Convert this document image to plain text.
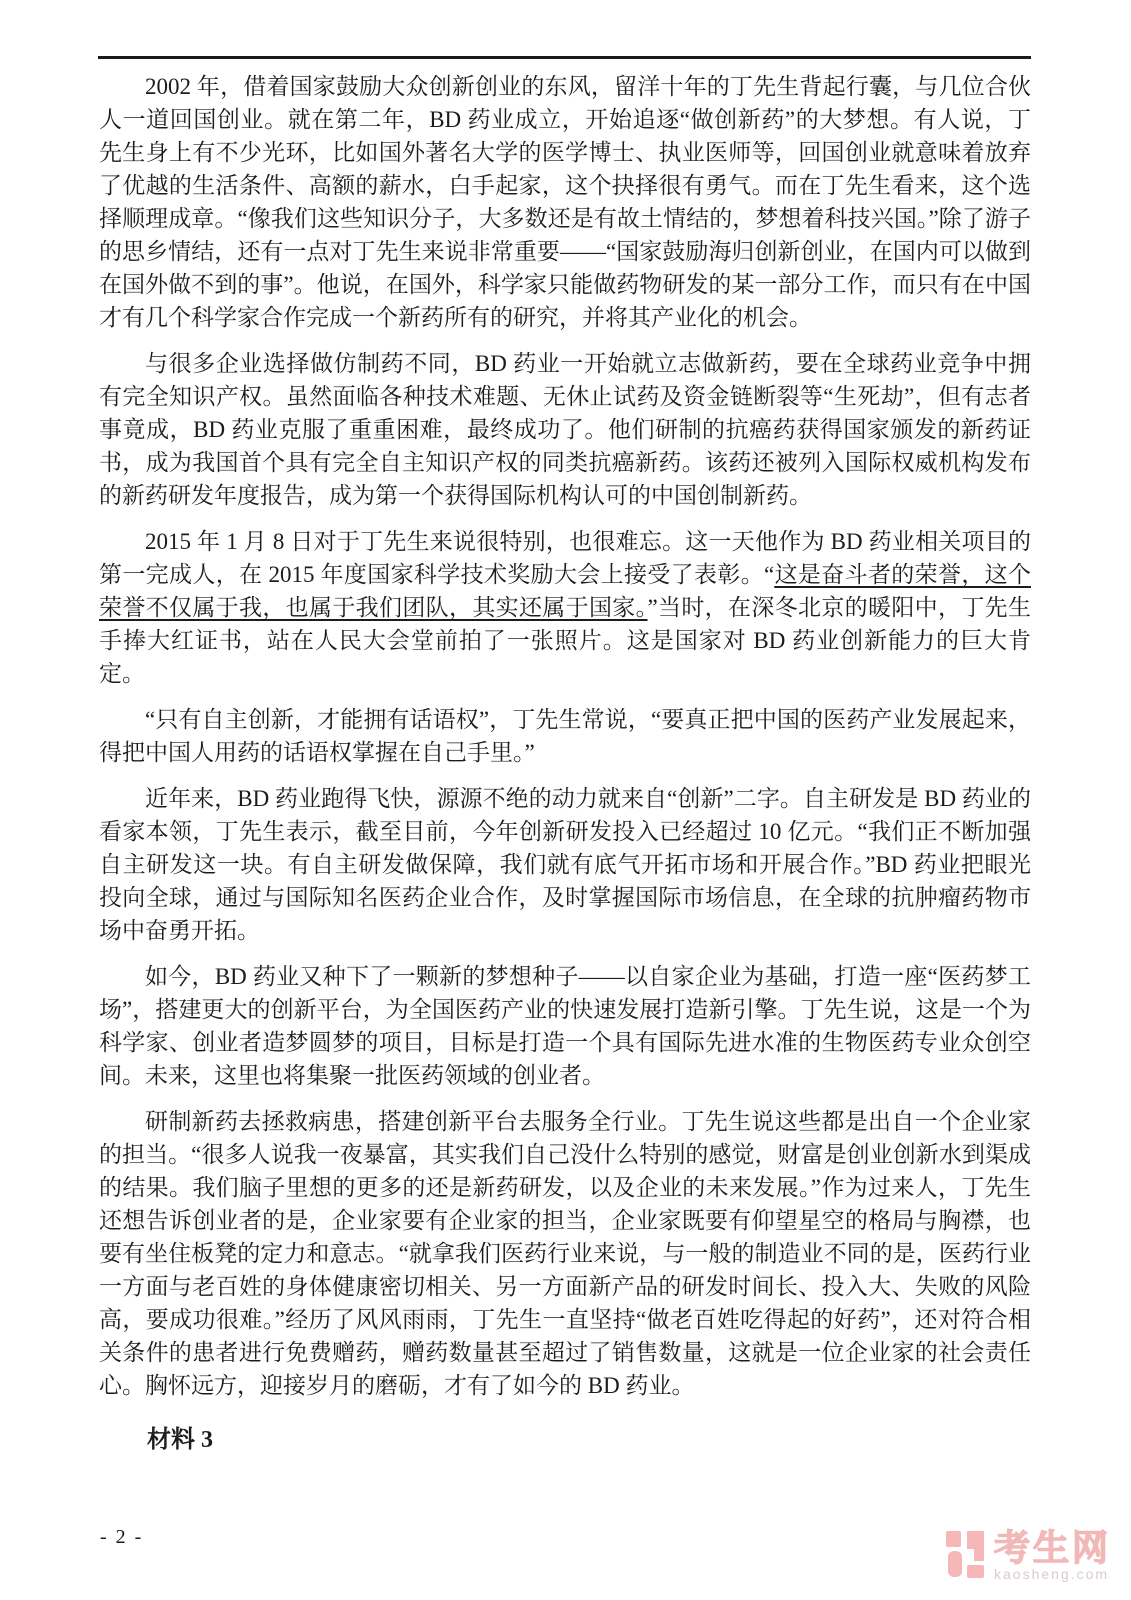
2002 年，借着国家鼓励大众创新创业的东风，留洋十年的丁先生背起行囊，与几位合伙人一道回国创业。就在第二年，BD 药业成立，开始追逐“做创新药”的大梦想。有人说，丁先生身上有不少光环，比如国外著名大学的医学博士、执业医师等，回国创业就意味着放弃了优越的生活条件、高额的薪水，白手起家，这个抉择很有勇气。而在丁先生看来，这个选择顺理成章。“像我们这些知识分子，大多数还是有故土情结的，梦想着科技兴国。”除了游子的思乡情结，还有一点对丁先生来说非常重要——“国家鼓励海归创新创业，在国内可以做到在国外做不到的事”。他说，在国外，科学家只能做药物研发的某一部分工作，而只有在中国才有几个科学家合作完成一个新药所有的研究，并将其产业化的机会。

与很多企业选择做仿制药不同，BD 药业一开始就立志做新药，要在全球药业竞争中拥有完全知识产权。虽然面临各种技术难题、无休止试药及资金链断裂等“生死劫”，但有志者事竟成，BD 药业克服了重重困难，最终成功了。他们研制的抗癌药获得国家颁发的新药证书，成为我国首个具有完全自主知识产权的同类抗癌新药。该药还被列入国际权威机构发布的新药研发年度报告，成为第一个获得国际机构认可的中国创制新药。

2015 年 1 月 8 日对于丁先生来说很特别，也很难忘。这一天他作为 BD 药业相关项目的第一完成人，在 2015 年度国家科学技术奖励大会上接受了表彰。“这是奋斗者的荣誉，这个荣誉不仅属于我，也属于我们团队，其实还属于国家。”当时，在深冬北京的暖阳中，丁先生手捧大红证书，站在人民大会堂前拍了一张照片。这是国家对 BD 药业创新能力的巨大肯定。

“只有自主创新，才能拥有话语权”，丁先生常说，“要真正把中国的医药产业发展起来，得把中国人用药的话语权掌握在自己手里。”

近年来，BD 药业跑得飞快，源源不绝的动力就来自“创新”二字。自主研发是 BD 药业的看家本领，丁先生表示，截至目前，今年创新研发投入已经超过 10 亿元。“我们正不断加强自主研发这一块。有自主研发做保障，我们就有底气开拓市场和开展合作。”BD 药业把眼光投向全球，通过与国际知名医药企业合作，及时掌握国际市场信息，在全球的抗肿瘤药物市场中奋勇开拓。

如今，BD 药业又种下了一颗新的梦想种子——以自家企业为基础，打造一座“医药梦工场”，搭建更大的创新平台，为全国医药产业的快速发展打造新引擎。丁先生说，这是一个为科学家、创业者造梦圆梦的项目，目标是打造一个具有国际先进水准的生物医药专业众创空间。未来，这里也将集聚一批医药领域的创业者。

研制新药去拯救病患，搭建创新平台去服务全行业。丁先生说这些都是出自一个企业家的担当。“很多人说我一夜暴富，其实我们自己没什么特别的感觉，财富是创业创新水到渠成的结果。我们脑子里想的更多的还是新药研发，以及企业的未来发展。”作为过来人，丁先生还想告诉创业者的是，企业家要有企业家的担当，企业家既要有仰望星空的格局与胸襟，也要有坐住板凳的定力和意志。“就拿我们医药行业来说，与一般的制造业不同的是，医药行业一方面与老百姓的身体健康密切相关、另一方面新产品的研发时间长、投入大、失败的风险高，要成功很难。”经历了风风雨雨，丁先生一直坚持“做老百姓吃得起的好药”，还对符合相关条件的患者进行免费赠药，赠药数量甚至超过了销售数量，这就是一位企业家的社会责任心。胸怀远方，迎接岁月的磨砺，才有了如今的 BD 药业。

材料 3

- 2 -	考生网
kaosheng.com
